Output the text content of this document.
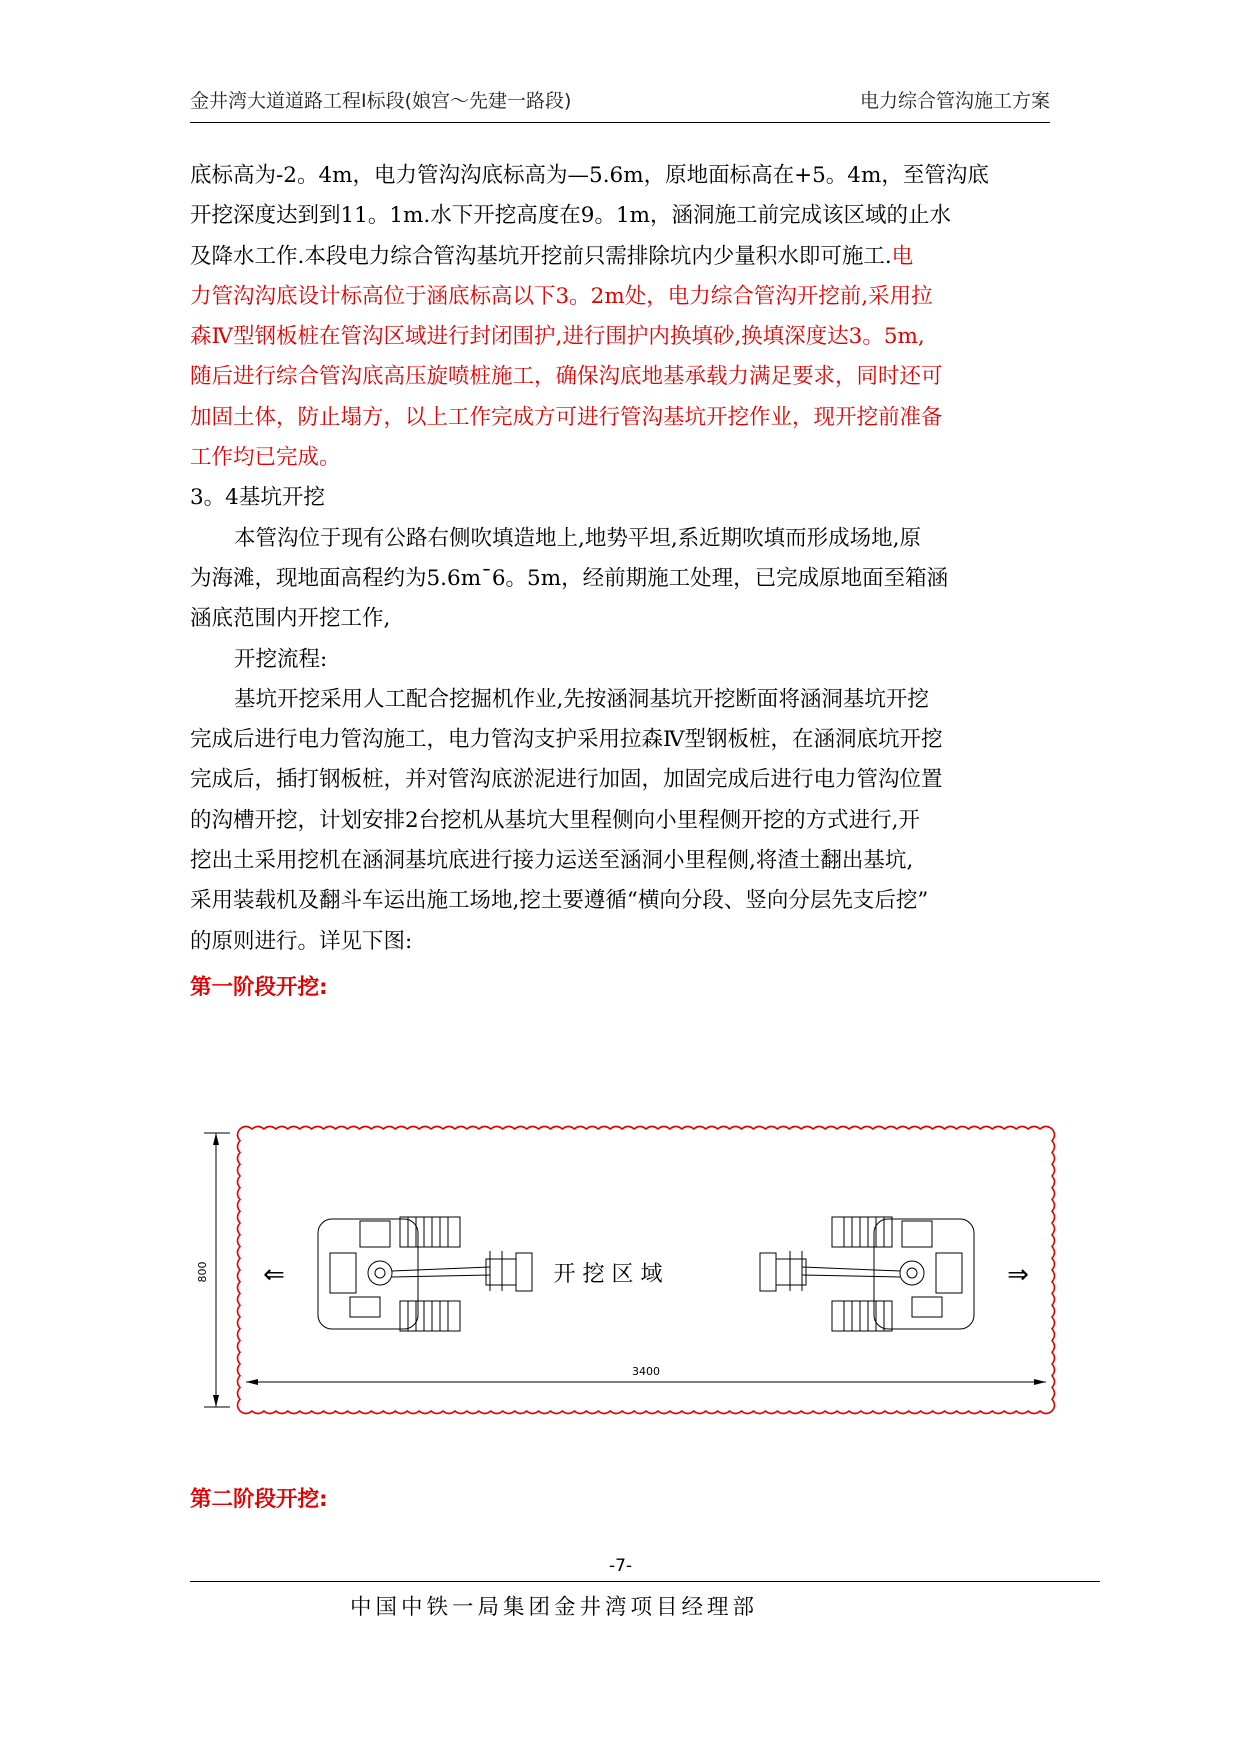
金井湾大道道路工程Ⅰ标段(娘宫～先建一路段)	电力综合管沟施工方案
底标高为-2。4m，电力管沟沟底标高为—5.6m，原地面标高在+5。4m，至管沟底
开挖深度达到到11。1m.水下开挖高度在9。1m，涵洞施工前完成该区域的止水
及降水工作.本段电力综合管沟基坑开挖前只需排除坑内少量积水即可施工.电
力管沟沟底设计标高位于涵底标高以下3。2m处，电力综合管沟开挖前,采用拉
森Ⅳ型钢板桩在管沟区域进行封闭围护,进行围护内换填砂,换填深度达3。5m,
随后进行综合管沟底高压旋喷桩施工，确保沟底地基承载力满足要求，同时还可
加固土体，防止塌方，以上工作完成方可进行管沟基坑开挖作业，现开挖前准备
工作均已完成。
3。4基坑开挖
本管沟位于现有公路右侧吹填造地上,地势平坦,系近期吹填而形成场地,原
为海滩，现地面高程约为5.6m¯6。5m，经前期施工处理，已完成原地面至箱涵
涵底范围内开挖工作,
开挖流程:
基坑开挖采用人工配合挖掘机作业,先按涵洞基坑开挖断面将涵洞基坑开挖
完成后进行电力管沟施工，电力管沟支护采用拉森Ⅳ型钢板桩，在涵洞底坑开挖
完成后，插打钢板桩，并对管沟底淤泥进行加固，加固完成后进行电力管沟位置
的沟槽开挖，计划安排2台挖机从基坑大里程侧向小里程侧开挖的方式进行,开
挖出土采用挖机在涵洞基坑底进行接力运送至涵洞小里程侧,将渣土翻出基坑,
采用装载机及翻斗车运出施工场地,挖土要遵循“横向分段、竖向分层先支后挖”
的原则进行。详见下图:
第一阶段开挖:
800
3400
⇐	⇒
开 挖 区 域
第二阶段开挖:
-7-
中国中铁一局集团金井湾项目经理部
